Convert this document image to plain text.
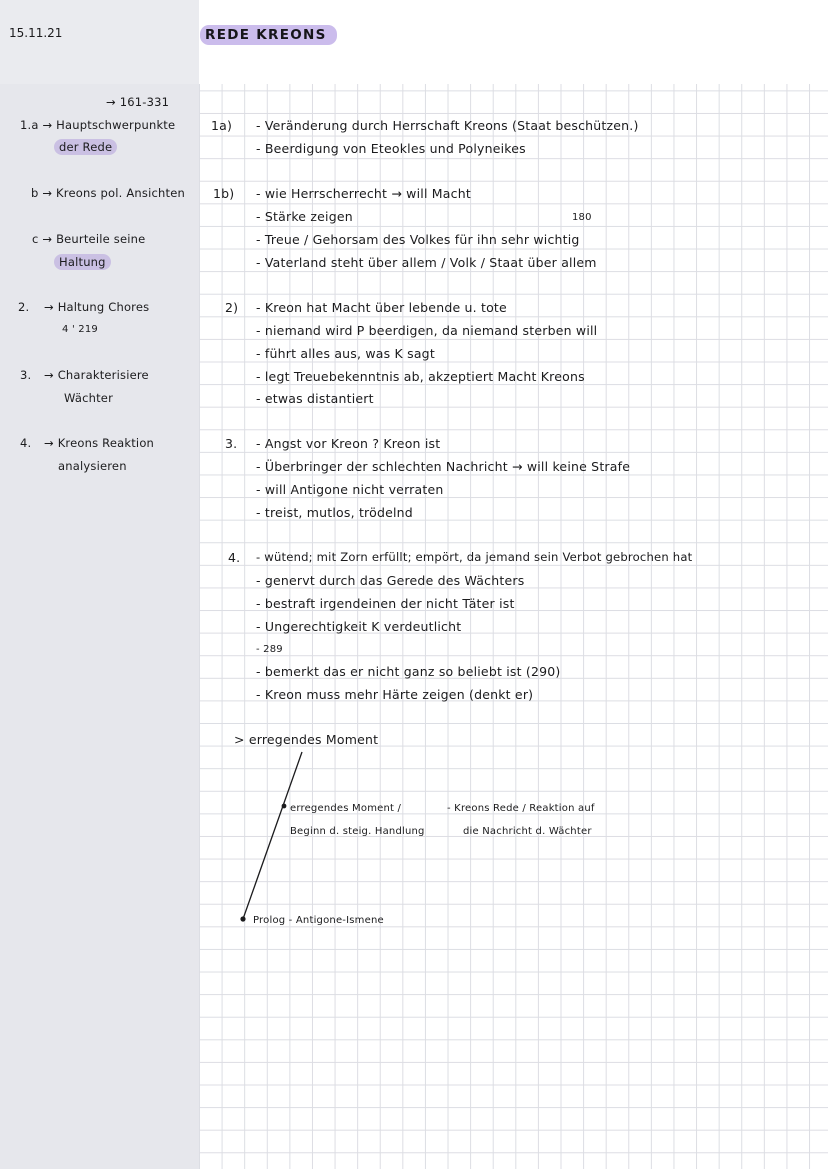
15.11.21	REDE KREONS
→ 161-331
1.a → Hauptschwerpunkte
der Rede
b → Kreons pol. Ansichten
c → Beurteile seine
Haltung
2. → Haltung Chores
4 ' 219
3. → Charakterisiere
Wächter
4. → Kreons Reaktion
analysieren
1a) - Veränderung durch Herrschaft Kreons (Staat beschützen.)
- Beerdigung von Eteokles und Polyneikes
1b) - wie Herrscherrecht → will Macht
- Stärke zeigen	180
- Treue / Gehorsam des Volkes für ihn sehr wichtig
- Vaterland steht über allem / Volk / Staat über allem
2) - Kreon hat Macht über lebende u. tote
- niemand wird P beerdigen, da niemand sterben will
- führt alles aus, was K sagt
- legt Treuebekenntnis ab, akzeptiert Macht Kreons
- etwas distantiert
3. - Angst vor Kreon ? Kreon ist
- Überbringer der schlechten Nachricht → will keine Strafe
- will Antigone nicht verraten
- treist, mutlos, trödelnd
4. - wütend; mit Zorn erfüllt; empört, da jemand sein Verbot gebrochen hat
- genervt durch das Gerede des Wächters
- bestraft irgendeinen der nicht Täter ist
- Ungerechtigkeit K verdeutlicht
- 289
- bemerkt das er nicht ganz so beliebt ist (290)
- Kreon muss mehr Härte zeigen (denkt er)
> erregendes Moment
erregendes Moment /
Beginn d. steig. Handlung
- Kreons Rede / Reaktion auf
die Nachricht d. Wächter
Prolog - Antigone-Ismene
